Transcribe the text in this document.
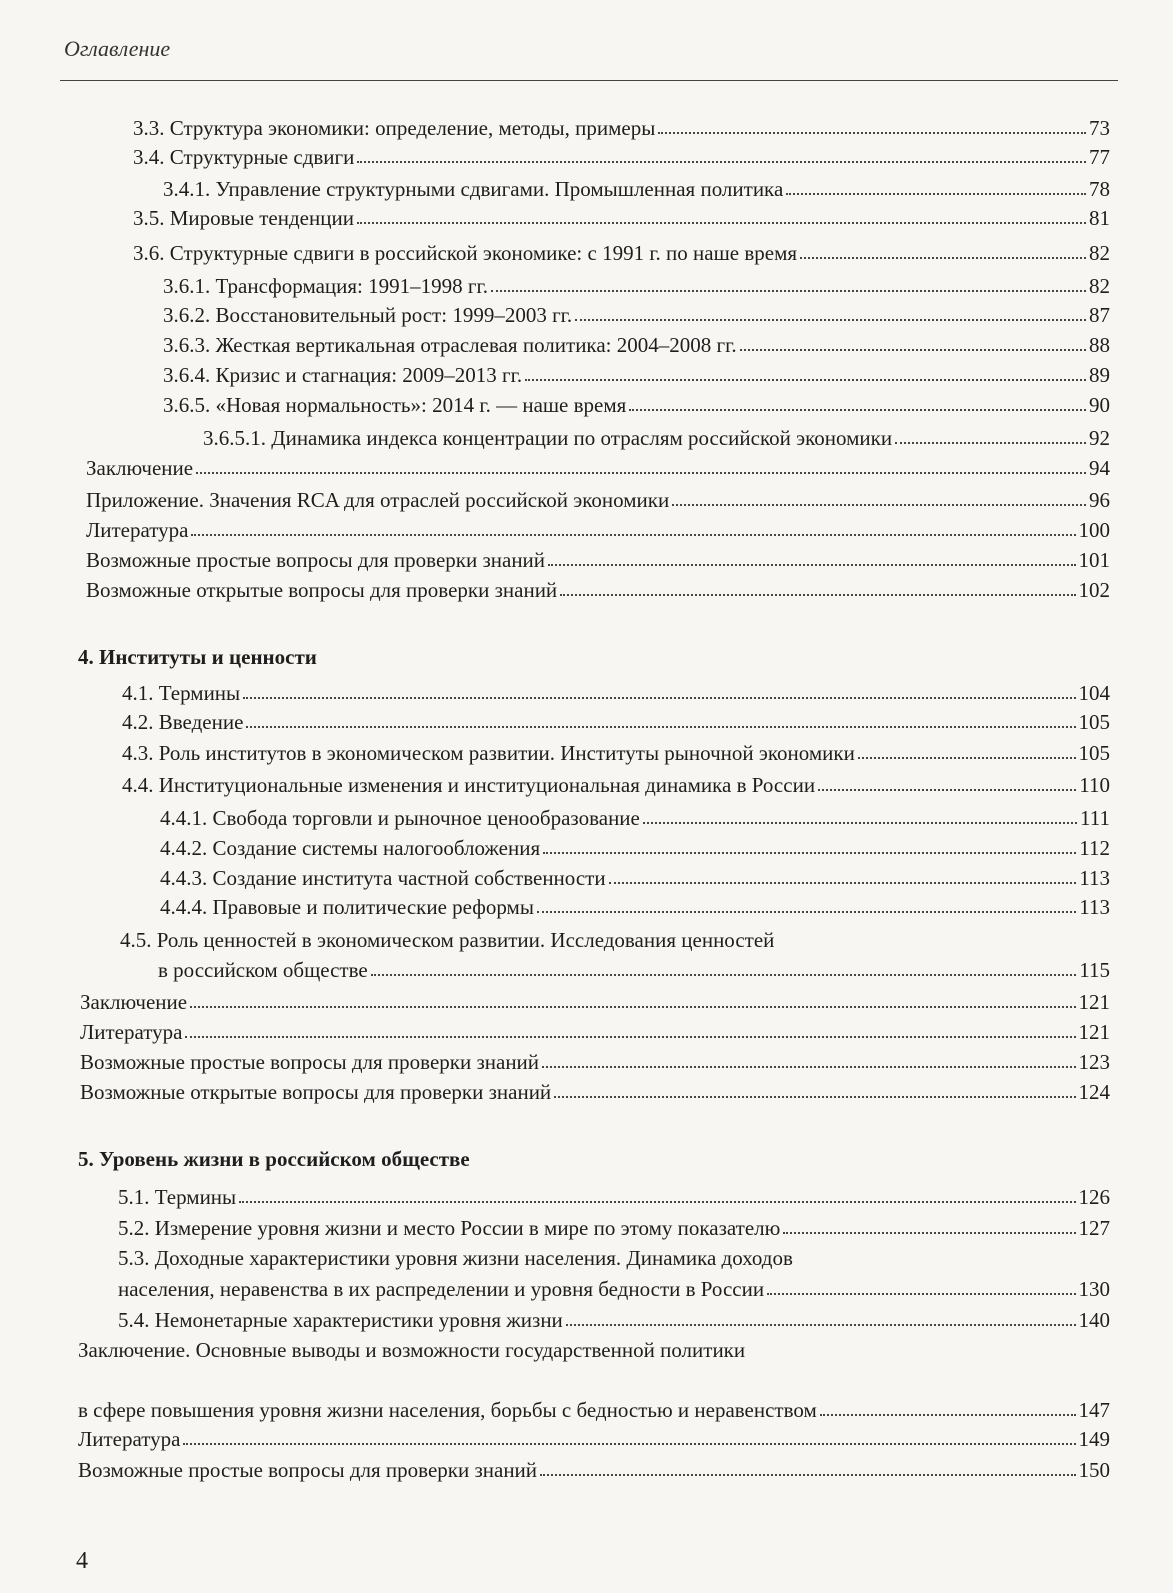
Оглавление
3.3. Структура экономики: определение, методы, примеры	73
3.4. Структурные сдвиги	77
3.4.1. Управление структурными сдвигами. Промышленная политика	78
3.5. Мировые тенденции	81
3.6. Структурные сдвиги в российской экономике: с 1991 г. по наше время	82
3.6.1. Трансформация: 1991–1998 гг.	82
3.6.2. Восстановительный рост: 1999–2003 гг.	87
3.6.3. Жесткая вертикальная отраслевая политика: 2004–2008 гг.	88
3.6.4. Кризис и стагнация: 2009–2013 гг.	89
3.6.5. «Новая нормальность»: 2014 г. — наше время	90
3.6.5.1. Динамика индекса концентрации по отраслям российской экономики	92
Заключение	94
Приложение. Значения RCA для отраслей российской экономики	96
Литература	100
Возможные простые вопросы для проверки знаний	101
Возможные открытые вопросы для проверки знаний	102
4. Институты и ценности
4.1. Термины	104
4.2. Введение	105
4.3. Роль институтов в экономическом развитии. Институты рыночной экономики	105
4.4. Институциональные изменения и институциональная динамика в России	110
4.4.1. Свобода торговли и рыночное ценообразование	111
4.4.2. Создание системы налогообложения	112
4.4.3. Создание института частной собственности	113
4.4.4. Правовые и политические реформы	113
4.5. Роль ценностей в экономическом развитии. Исследования ценностей
в российском обществе	115
Заключение	121
Литература	121
Возможные простые вопросы для проверки знаний	123
Возможные открытые вопросы для проверки знаний	124
5. Уровень жизни в российском обществе
5.1. Термины	126
5.2. Измерение уровня жизни и место России в мире по этому показателю	127
5.3. Доходные характеристики уровня жизни населения. Динамика доходов
населения, неравенства в их распределении и уровня бедности в России	130
5.4. Немонетарные характеристики уровня жизни	140
Заключение. Основные выводы и возможности государственной политики
в сфере повышения уровня жизни населения, борьбы с бедностью и неравенством	147
Литература	149
Возможные простые вопросы для проверки знаний	150
4
